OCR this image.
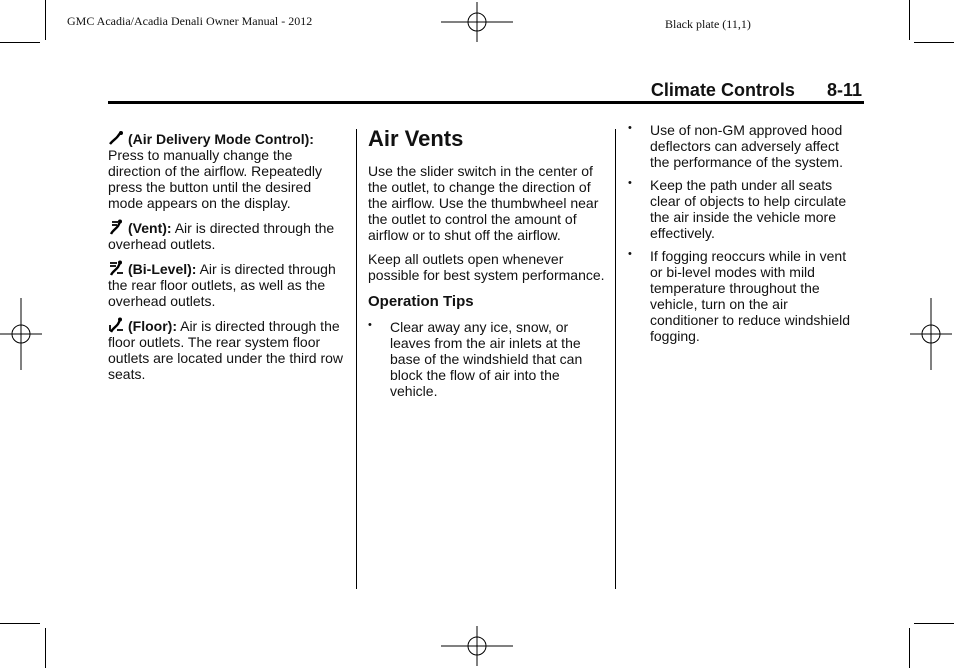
GMC Acadia/Acadia Denali Owner Manual - 2012	Black plate (11,1)
Climate Controls 8-11

(Air Delivery Mode Control): Press to manually change the direction of the airflow. Repeatedly press the button until the desired mode appears on the display.

(Vent): Air is directed through the overhead outlets.

(Bi-Level): Air is directed through the rear floor outlets, as well as the overhead outlets.

(Floor): Air is directed through the floor outlets. The rear system floor outlets are located under the third row seats.

Air Vents

Use the slider switch in the center of the outlet, to change the direction of the airflow. Use the thumbwheel near the outlet to control the amount of airflow or to shut off the airflow.

Keep all outlets open whenever possible for best system performance.

Operation Tips
• Clear away any ice, snow, or leaves from the air inlets at the base of the windshield that can block the flow of air into the vehicle.
• Use of non-GM approved hood deflectors can adversely affect the performance of the system.
• Keep the path under all seats clear of objects to help circulate the air inside the vehicle more effectively.
• If fogging reoccurs while in vent or bi-level modes with mild temperature throughout the vehicle, turn on the air conditioner to reduce windshield fogging.
